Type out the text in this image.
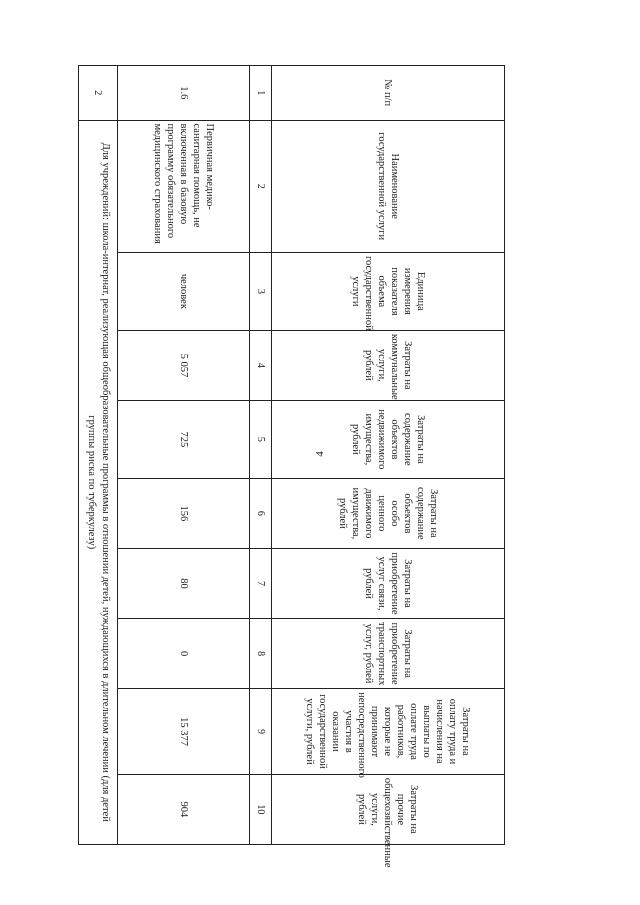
4
№ п/п	Наименование государственной услуги	Единица измерения показателя объема государственной услуги	Затраты на коммунальные услуги, рублей	Затраты на содержание объектов недвижимого имущества, рублей	Затраты на содержание объектов особо ценного движимого имущества, рублей	Затраты на приобретение услуг связи, рублей	Затраты на приобретение транспортных услуг, рублей	Затраты на оплату труда и начисления на выплаты по оплате труда работников, которые не принимают непосредственного участия в оказании государственной услуги, рублей	Затраты на прочие общехозяйственные услуги, рублей
1	2	3	4	5	6	7	8	9	10
1.6	Первичная медико-санитарная помощь, не включенная в базовую программу обязательного медицинского страхования	человек	5 057	725	156	80	0	15 377	904
2	Для учреждений: школа-интернат, реализующая общеобразовательные программы в отношении детей, нуждающихся в длительном лечении (для детей группы риска по туберкулезу)								
